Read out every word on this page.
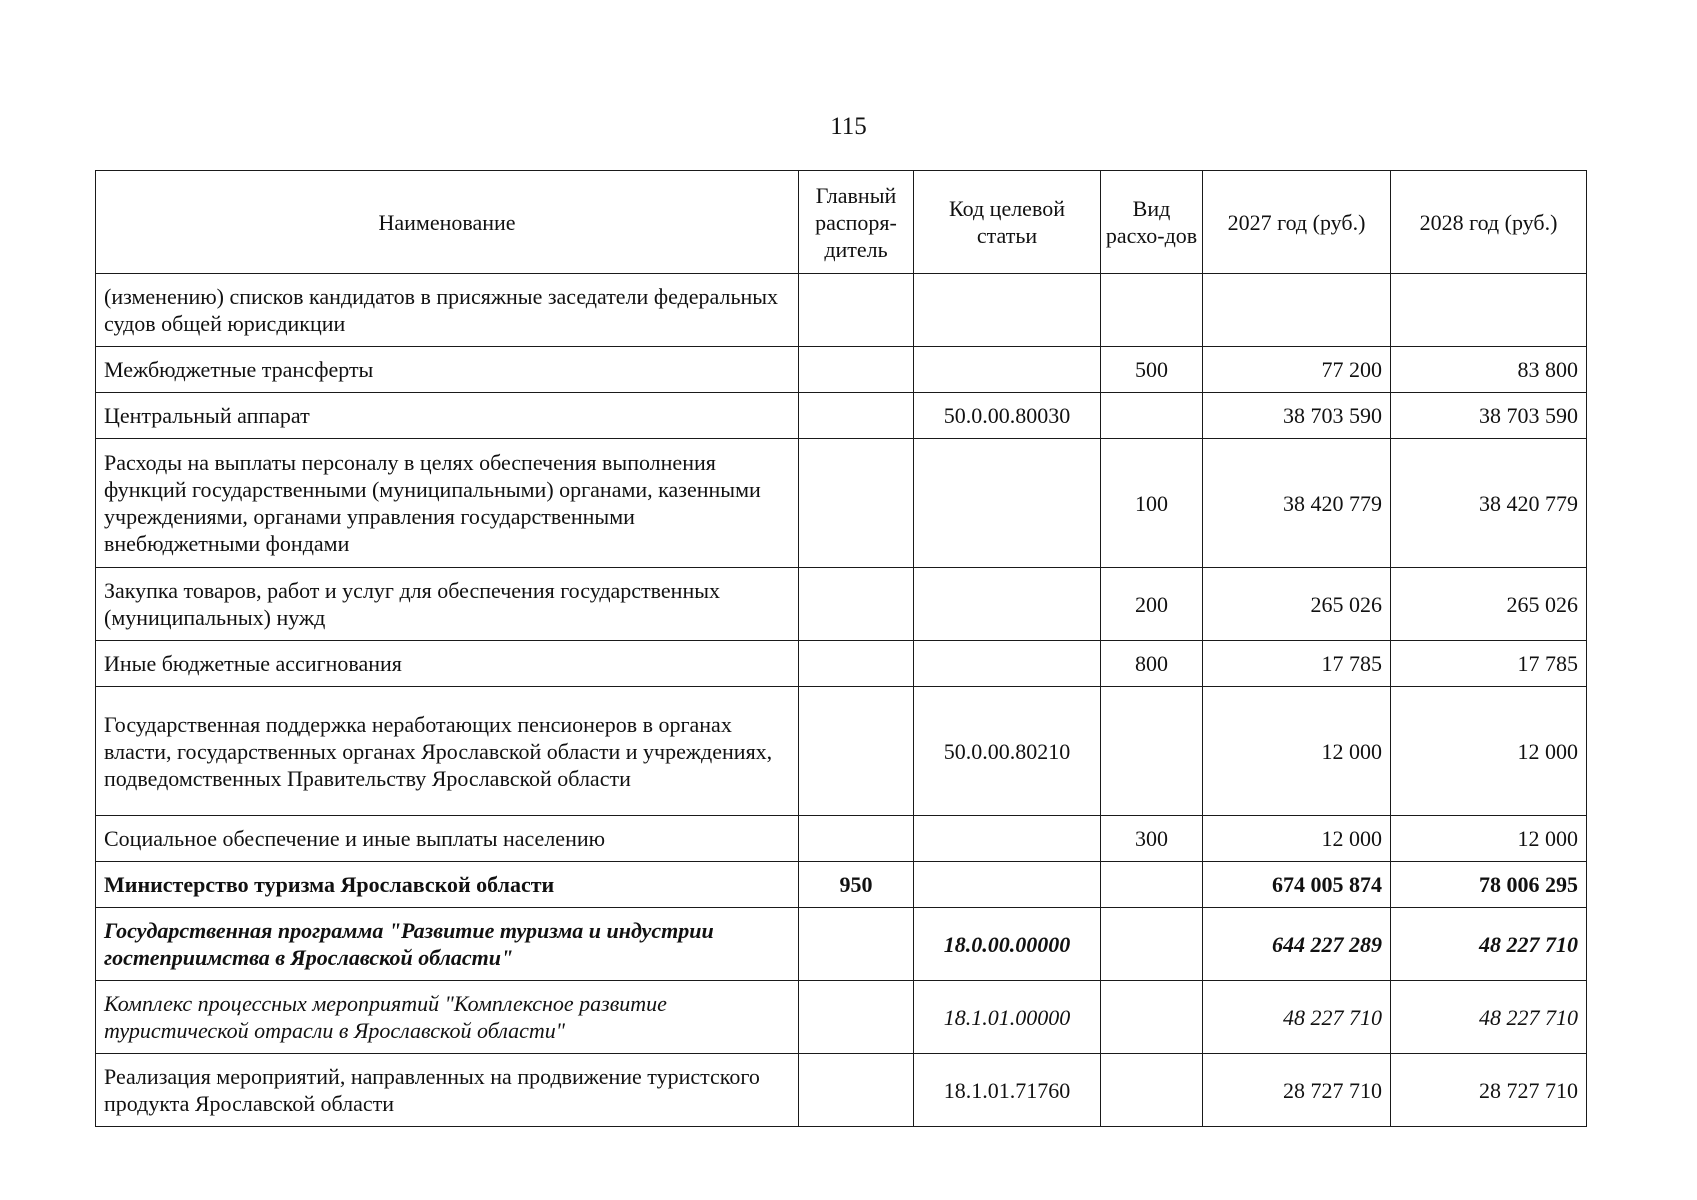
115
Наименование	Главный распоря-дитель	Код целевой статьи	Вид расхо-дов	2027 год (руб.)	2028 год (руб.)
(изменению) списков кандидатов в присяжные заседатели федеральных судов общей юрисдикции					
Межбюджетные трансферты			500	77 200	83 800
Центральный аппарат		50.0.00.80030		38 703 590	38 703 590
Расходы на выплаты персоналу в целях обеспечения выполнения функций государственными (муниципальными) органами, казенными учреждениями, органами управления государственными внебюджетными фондами			100	38 420 779	38 420 779
Закупка товаров, работ и услуг для обеспечения государственных (муниципальных) нужд			200	265 026	265 026
Иные бюджетные ассигнования			800	17 785	17 785
Государственная поддержка неработающих пенсионеров в органах власти, государственных органах Ярославской области и учреждениях, подведомственных Правительству Ярославской области		50.0.00.80210		12 000	12 000
Социальное обеспечение и иные выплаты населению			300	12 000	12 000
Министерство туризма Ярославской области	950			674 005 874	78 006 295
Государственная программа "Развитие туризма и индустрии гостеприимства в Ярославской области"		18.0.00.00000		644 227 289	48 227 710
Комплекс процессных мероприятий "Комплексное развитие туристической отрасли в Ярославской области"		18.1.01.00000		48 227 710	48 227 710
Реализация мероприятий, направленных на продвижение туристского продукта Ярославской области		18.1.01.71760		28 727 710	28 727 710
